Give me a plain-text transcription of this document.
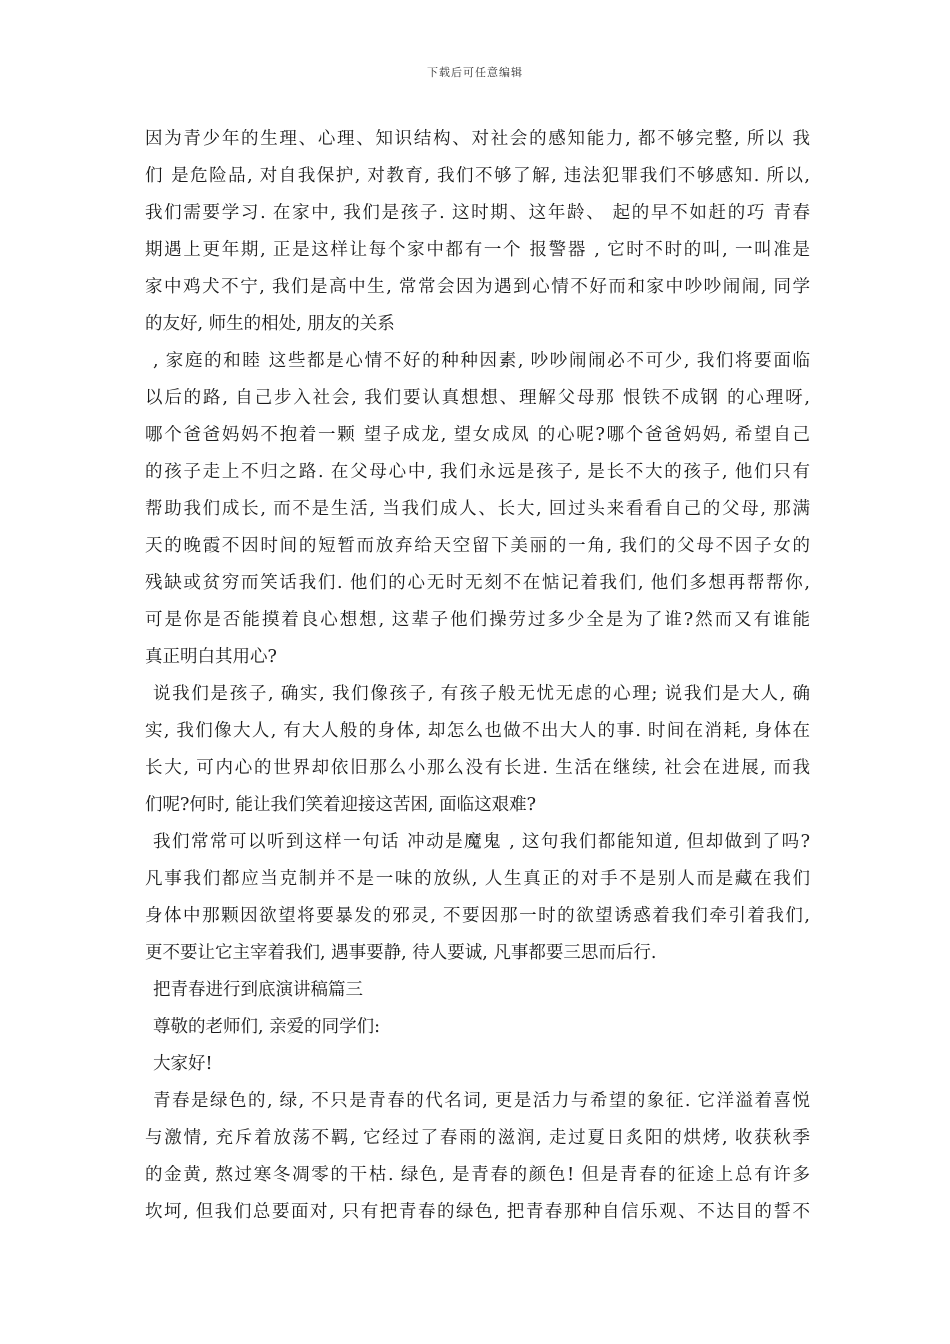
下载后可任意编辑
因为青少年的生理、心理、知识结构、对社会的感知能力, 都不够完整, 所以 我
们 是危险品, 对自我保护, 对教育, 我们不够了解, 违法犯罪我们不够感知. 所以,
我们需要学习. 在家中, 我们是孩子. 这时期、这年龄、 起的早不如赶的巧 青春
期遇上更年期, 正是这样让每个家中都有一个 报警器 , 它时不时的叫, 一叫准是
家中鸡犬不宁, 我们是高中生, 常常会因为遇到心情不好而和家中吵吵闹闹, 同学
的友好, 师生的相处, 朋友的关系
, 家庭的和睦 这些都是心情不好的种种因素, 吵吵闹闹必不可少, 我们将要面临
以后的路, 自己步入社会, 我们要认真想想、理解父母那 恨铁不成钢 的心理呀,
哪个爸爸妈妈不抱着一颗 望子成龙, 望女成凤 的心呢?哪个爸爸妈妈, 希望自己
的孩子走上不归之路. 在父母心中, 我们永远是孩子, 是长不大的孩子, 他们只有
帮助我们成长, 而不是生活, 当我们成人、长大, 回过头来看看自己的父母, 那满
天的晚霞不因时间的短暂而放弃给天空留下美丽的一角, 我们的父母不因子女的
残缺或贫穷而笑话我们. 他们的心无时无刻不在惦记着我们, 他们多想再帮帮你,
可是你是否能摸着良心想想, 这辈子他们操劳过多少全是为了谁?然而又有谁能
真正明白其用心?
说我们是孩子, 确实, 我们像孩子, 有孩子般无忧无虑的心理; 说我们是大人, 确
实, 我们像大人, 有大人般的身体, 却怎么也做不出大人的事. 时间在消耗, 身体在
长大, 可内心的世界却依旧那么小那么没有长进. 生活在继续, 社会在进展, 而我
们呢?何时, 能让我们笑着迎接这苦困, 面临这艰难?
我们常常可以听到这样一句话 冲动是魔鬼 , 这句我们都能知道, 但却做到了吗?
凡事我们都应当克制并不是一味的放纵, 人生真正的对手不是别人而是藏在我们
身体中那颗因欲望将要暴发的邪灵, 不要因那一时的欲望诱惑着我们牵引着我们,
更不要让它主宰着我们, 遇事要静, 待人要诚, 凡事都要三思而后行.
把青春进行到底演讲稿篇三
尊敬的老师们, 亲爱的同学们:
大家好!
青春是绿色的, 绿, 不只是青春的代名词, 更是活力与希望的象征. 它洋溢着喜悦
与激情, 充斥着放荡不羁, 它经过了春雨的滋润, 走过夏日炙阳的烘烤, 收获秋季
的金黄, 熬过寒冬凋零的干枯. 绿色, 是青春的颜色! 但是青春的征途上总有许多
坎坷, 但我们总要面对, 只有把青春的绿色, 把青春那种自信乐观、不达目的誓不
